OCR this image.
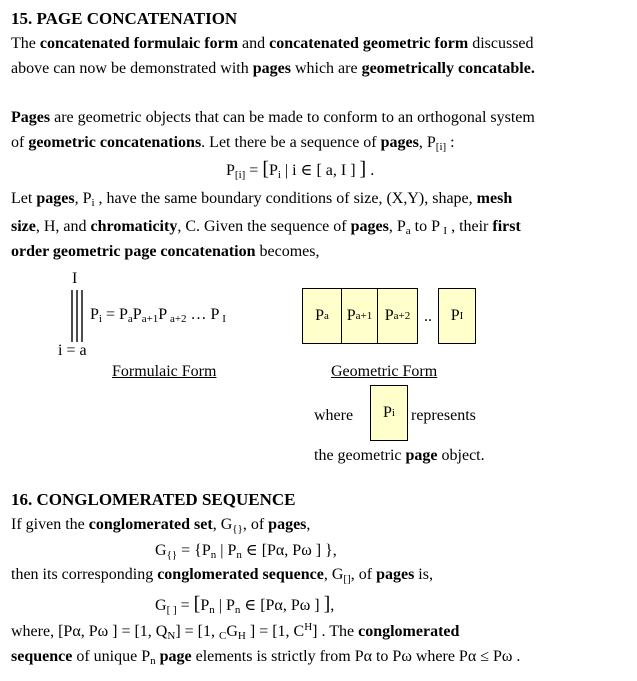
15. PAGE CONCATENATION
The concatenated formulaic form and concatenated geometric form discussed
above can now be demonstrated with pages which are geometrically concatable.
Pages are geometric objects that can be made to conform to an orthogonal system
of geometric concatenations. Let there be a sequence of pages, $P_{[i]}$ :
$P_{[i]} = [P_i$ | i ∈ [ a, I ] ] .
Let pages, $P_i$ , have the same boundary conditions of size, (X,Y), shape, mesh
size, H, and chromaticity, C. Given the sequence of pages, $P_a$ to P $_I$ , their first
order geometric page concatenation becomes,
I
i = a
$P_i = P_aP_{a+1}P$ $_{a+2}$ … P $_I$	P a P a+1 P a+2 .. P I
Formulaic Form	Geometric Form
where P i represents
the geometric page object.
16. CONGLOMERATED SEQUENCE
If given the conglomerated set, $G_{\{\}}$, of pages,
$G_{\{\}} = \{P_n$ | $P_n$ ∈ [Pα, Pω ] },
then its corresponding conglomerated sequence, $G_{[]}$, of pages is,
$G_{[ ]} = [P_n$ | $P_n$ ∈ [Pα, Pω ] ],
where, [Pα, Pω ] = [1, $Q_N] = [1$, $_CG_H$ ] = [1, $C^H$] . The conglomerated
sequence of unique $P_n$ page elements is strictly from Pα to Pω where Pα ≤ Pω .
